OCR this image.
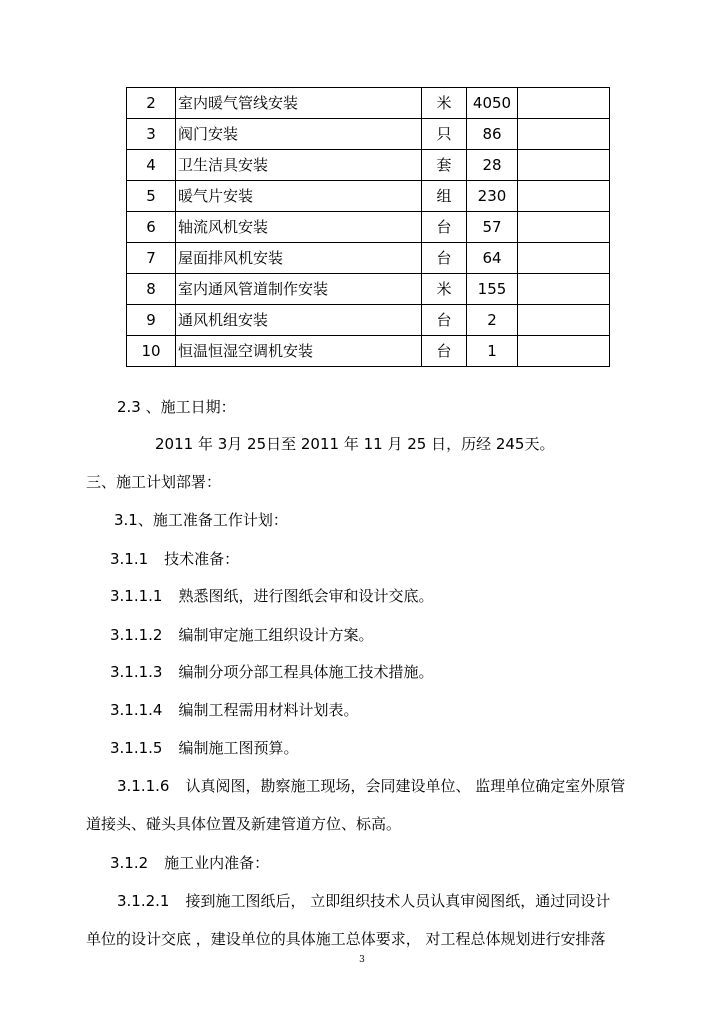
2	室内暖气管线安装	米	4050	
3	阀门安装	只	86	
4	卫生洁具安装	套	28	
5	暖气片安装	组	230	
6	轴流风机安装	台	57	
7	屋面排风机安装	台	64	
8	室内通风管道制作安装	米	155	
9	通风机组安装	台	2	
10	恒温恒湿空调机安装	台	1	
2.3 、施工日期：
2011 年 3月 25日至 2011 年 11 月 25 日，历经 245天。
三、施工计划部署：
3.1、施工准备工作计划：
3.1.1 技术准备：
3.1.1.1 熟悉图纸，进行图纸会审和设计交底。
3.1.1.2 编制审定施工组织设计方案。
3.1.1.3 编制分项分部工程具体施工技术措施。
3.1.1.4 编制工程需用材料计划表。
3.1.1.5 编制施工图预算。
3.1.1.6 认真阅图，勘察施工现场，会同建设单位、 监理单位确定室外原管
道接头、碰头具体位置及新建管道方位、标高。
3.1.2 施工业内准备：
3.1.2.1 接到施工图纸后， 立即组织技术人员认真审阅图纸，通过同设计
单位的设计交底 ，建设单位的具体施工总体要求， 对工程总体规划进行安排落
3
